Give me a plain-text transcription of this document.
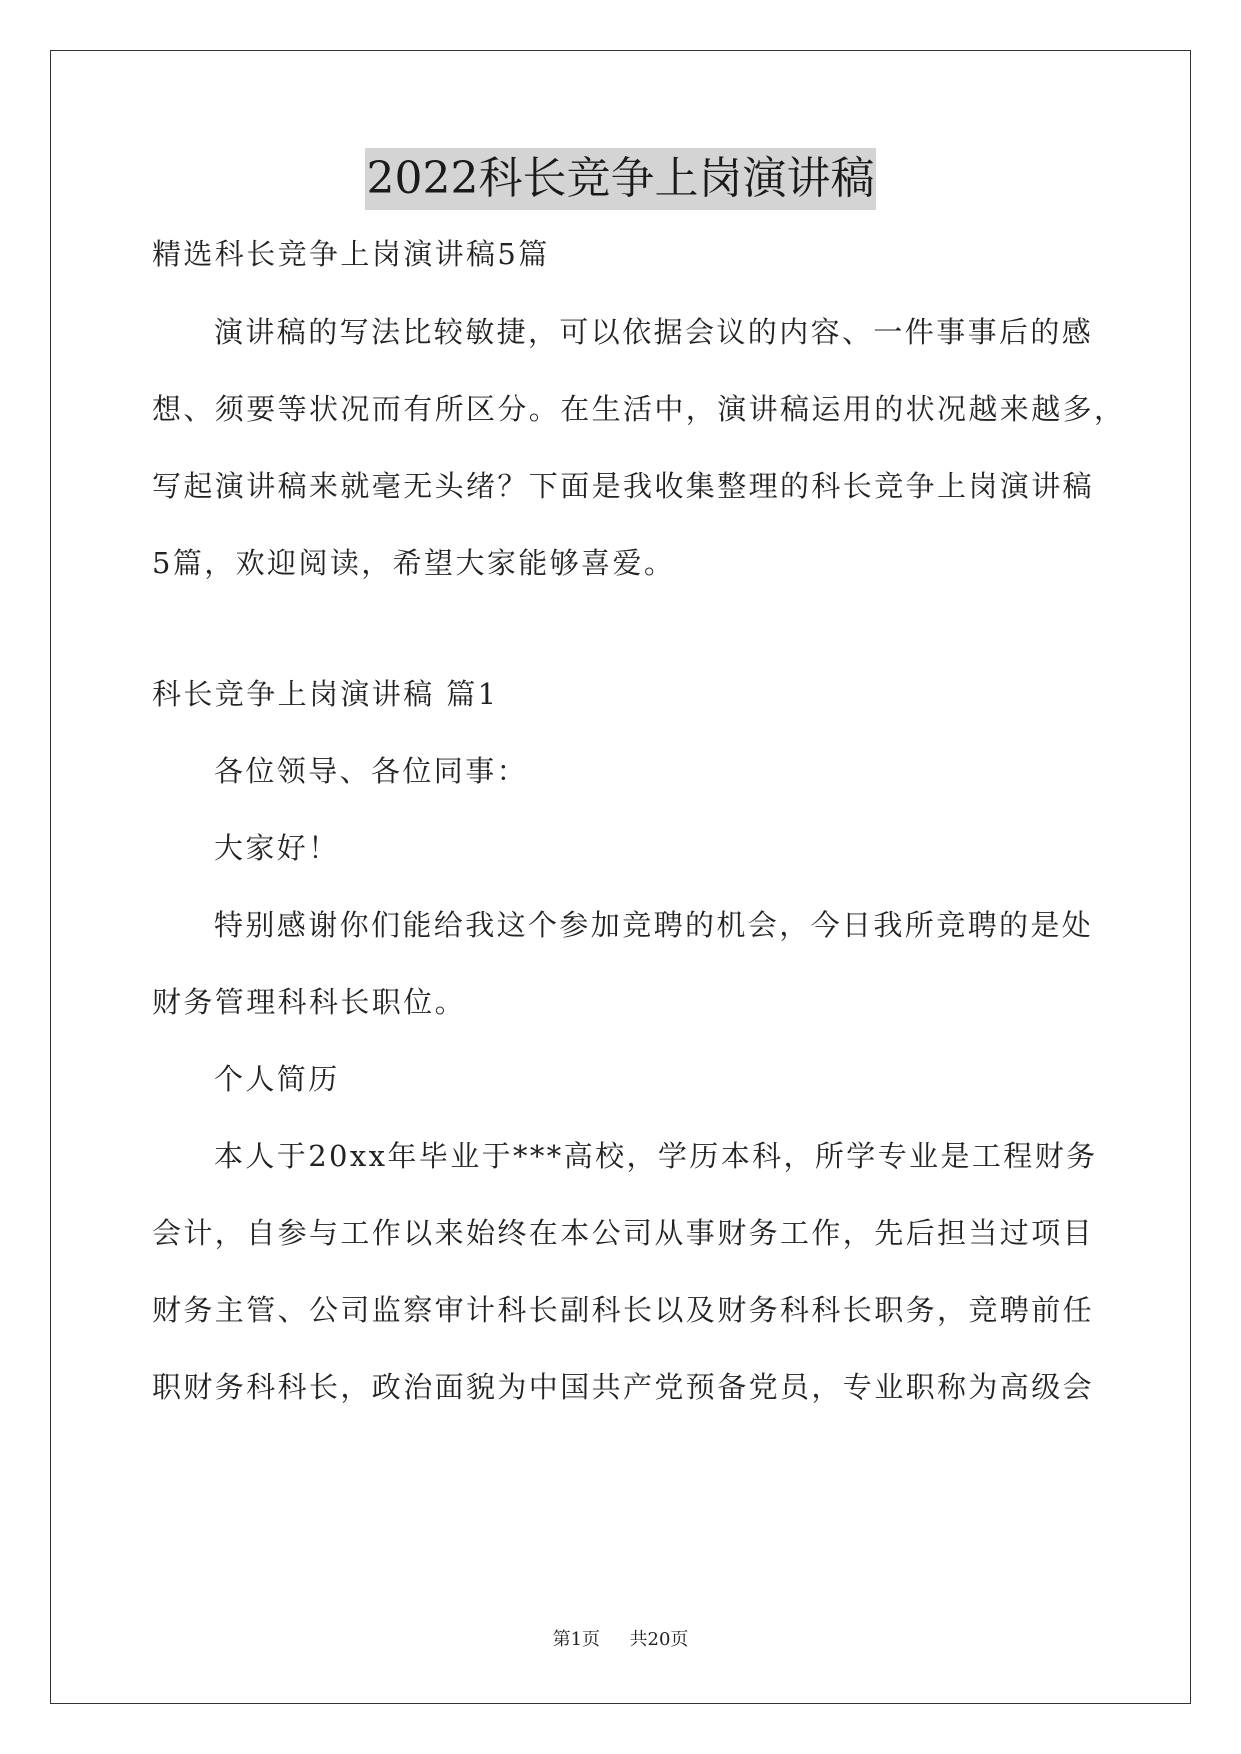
2022科长竞争上岗演讲稿
精选科长竞争上岗演讲稿5篇
演讲稿的写法比较敏捷，可以依据会议的内容、一件事事后的感
想、须要等状况而有所区分。在生活中，演讲稿运用的状况越来越多，
写起演讲稿来就毫无头绪？下面是我收集整理的科长竞争上岗演讲稿
5篇，欢迎阅读，希望大家能够喜爱。
科长竞争上岗演讲稿 篇1
各位领导、各位同事：
大家好！
特别感谢你们能给我这个参加竞聘的机会，今日我所竞聘的是处
财务管理科科长职位。
个人简历
本人于20xx年毕业于***高校，学历本科，所学专业是工程财务
会计，自参与工作以来始终在本公司从事财务工作，先后担当过项目
财务主管、公司监察审计科长副科长以及财务科科长职务，竞聘前任
职财务科科长，政治面貌为中国共产党预备党员，专业职称为高级会
第1页 共20页
